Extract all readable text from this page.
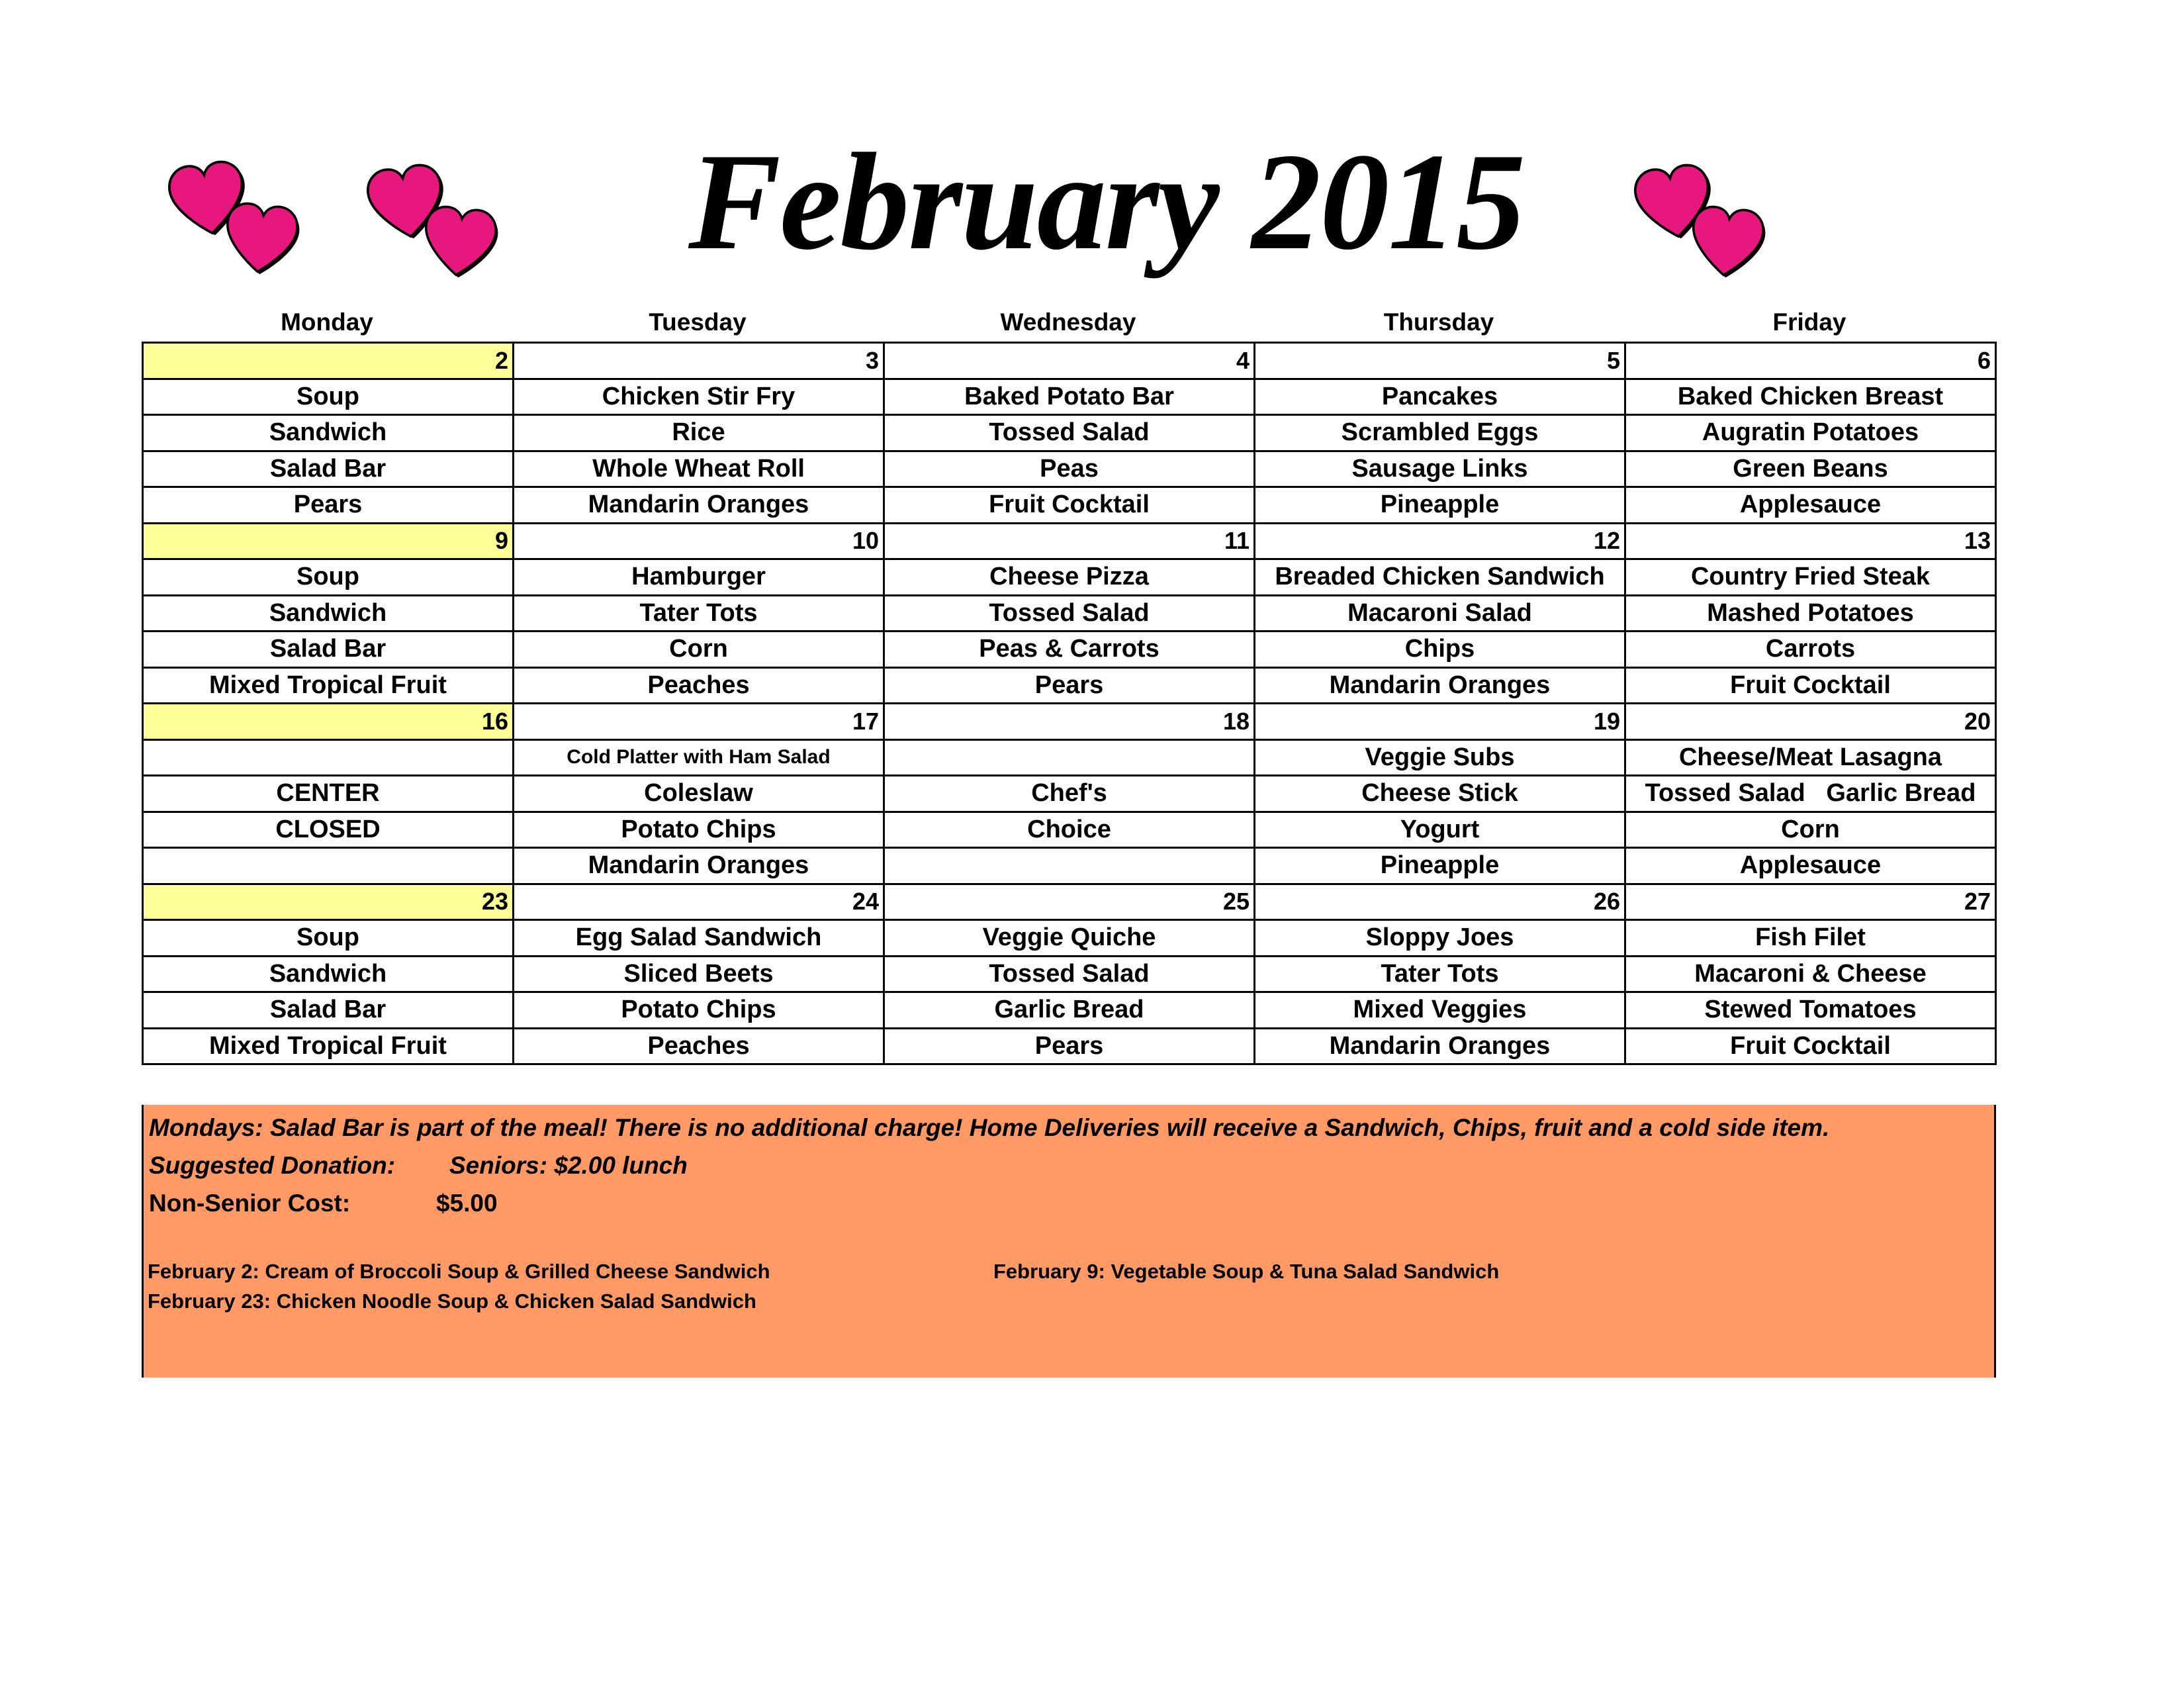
February 2015
Monday	Tuesday	Wednesday	Thursday	Friday
2	3	4	5	6
Soup	Chicken Stir Fry	Baked Potato Bar	Pancakes	Baked Chicken Breast
Sandwich	Rice	Tossed Salad	Scrambled Eggs	Augratin Potatoes
Salad Bar	Whole Wheat Roll	Peas	Sausage Links	Green Beans
Pears	Mandarin Oranges	Fruit Cocktail	Pineapple	Applesauce
9	10	11	12	13
Soup	Hamburger	Cheese Pizza	Breaded Chicken Sandwich	Country Fried Steak
Sandwich	Tater Tots	Tossed Salad	Macaroni Salad	Mashed Potatoes
Salad Bar	Corn	Peas & Carrots	Chips	Carrots
Mixed Tropical Fruit	Peaches	Pears	Mandarin Oranges	Fruit Cocktail
16	17	18	19	20
	Cold Platter with Ham Salad		Veggie Subs	Cheese/Meat Lasagna
CENTER	Coleslaw	Chef's	Cheese Stick	Tossed Salad   Garlic Bread
CLOSED	Potato Chips	Choice	Yogurt	Corn
	Mandarin Oranges		Pineapple	Applesauce
23	24	25	26	27
Soup	Egg Salad Sandwich	Veggie Quiche	Sloppy Joes	Fish Filet
Sandwich	Sliced Beets	Tossed Salad	Tater Tots	Macaroni & Cheese
Salad Bar	Potato Chips	Garlic Bread	Mixed Veggies	Stewed Tomatoes
Mixed Tropical Fruit	Peaches	Pears	Mandarin Oranges	Fruit Cocktail
Mondays: Salad Bar is part of the meal! There is no additional charge! Home Deliveries will receive a Sandwich, Chips, fruit and a cold side item.
Suggested Donation: Seniors: $2.00 lunch
Non-Senior Cost:	$5.00
February 2: Cream of Broccoli Soup & Grilled Cheese Sandwich	February 9: Vegetable Soup & Tuna Salad Sandwich
February 23: Chicken Noodle Soup & Chicken Salad Sandwich
